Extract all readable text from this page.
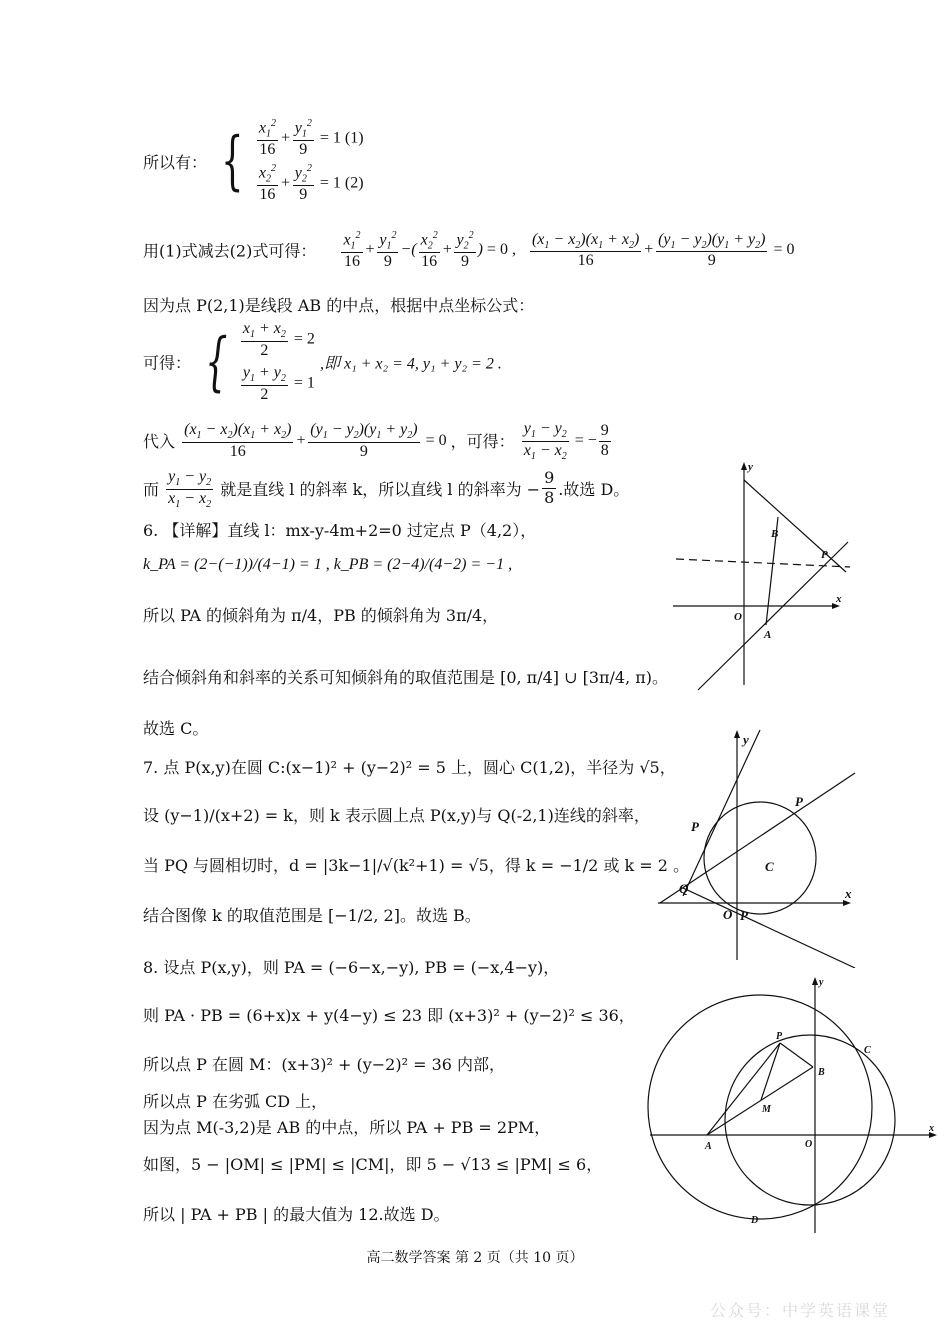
所以有： { $\frac{x_1^2}{16} + \frac{y_1^2}{9} = 1$ (1)
$\frac{x_2^2}{16} + \frac{y_2^2}{9} = 1$ (2)
用(1)式减去(2)式可得： $\frac{x_1^2}{16} + \frac{y_1^2}{9}$ −( $\frac{x_2^2}{16} + \frac{y_2^2}{9}$ ) = 0 , $\frac{(x_1 - x_2)(x_1 + x_2)}{16} + \frac{(y_1 - y_2)(y_1 + y_2)}{9} = 0$
因为点 P(2,1)是线段 AB 的中点，根据中点坐标公式：
可得： { $\frac{x_1 + x_2}{2} = 2$
$\frac{y_1 + y_2}{2} = 1$
,即 x₁ + x₂ = 4, y₁ + y₂ = 2 .
代入 $\frac{(x_1 - x_2)(x_1 + x_2)}{16} + \frac{(y_1 - y_2)(y_1 + y_2)}{9} = 0$ ，可得： $\frac{y_1 - y_2}{x_1 - x_2}$ = − $\frac{9}{8}$
而 $\frac{y_1 - y_2}{x_1 - x_2}$ 就是直线 l 的斜率 k，所以直线 l 的斜率为 − $\frac{9}{8}$ .故选 D。
6. 【详解】直线 l：mx-y-4m+2=0 过定点 P（4,2），
k_PA = (2−(−1))/(4−1) = 1 , k_PB = (2−4)/(4−2) = −1 ,
所以 PA 的倾斜角为 π/4，PB 的倾斜角为 3π/4，
结合倾斜角和斜率的关系可知倾斜角的取值范围是 [0, π/4] ∪ [3π/4, π)。
故选 C。
7. 点 P(x,y)在圆 C:(x−1)² + (y−2)² = 5 上，圆心 C(1,2)，半径为 √5，
设 (y−1)/(x+2) = k，则 k 表示圆上点 P(x,y)与 Q(-2,1)连线的斜率，
当 PQ 与圆相切时，d = |3k−1|/√(k²+1) = √5，得 k = −1/2 或 k = 2 。
结合图像 k 的取值范围是 [−1/2, 2]。故选 B。
8. 设点 P(x,y)，则 PA = (−6−x,−y), PB = (−x,4−y)，
则 PA · PB = (6+x)x + y(4−y) ≤ 23 即 (x+3)² + (y−2)² ≤ 36，
所以点 P 在圆 M：(x+3)² + (y−2)² = 36 内部，
所以点 P 在劣弧 CD 上，
因为点 M(-3,2)是 AB 的中点，所以 PA + PB = 2PM，
如图，5 − |OM| ≤ |PM| ≤ |CM|，即 5 − √13 ≤ |PM| ≤ 6，
所以 | PA + PB | 的最大值为 12.故选 D。
y
x
O
A
B
P
y
x
O
Q
C
P
P
P
y
x
O
A
B
C
D
M
P
高二数学答案 第 2 页（共 10 页）
公众号：中学英语课堂
